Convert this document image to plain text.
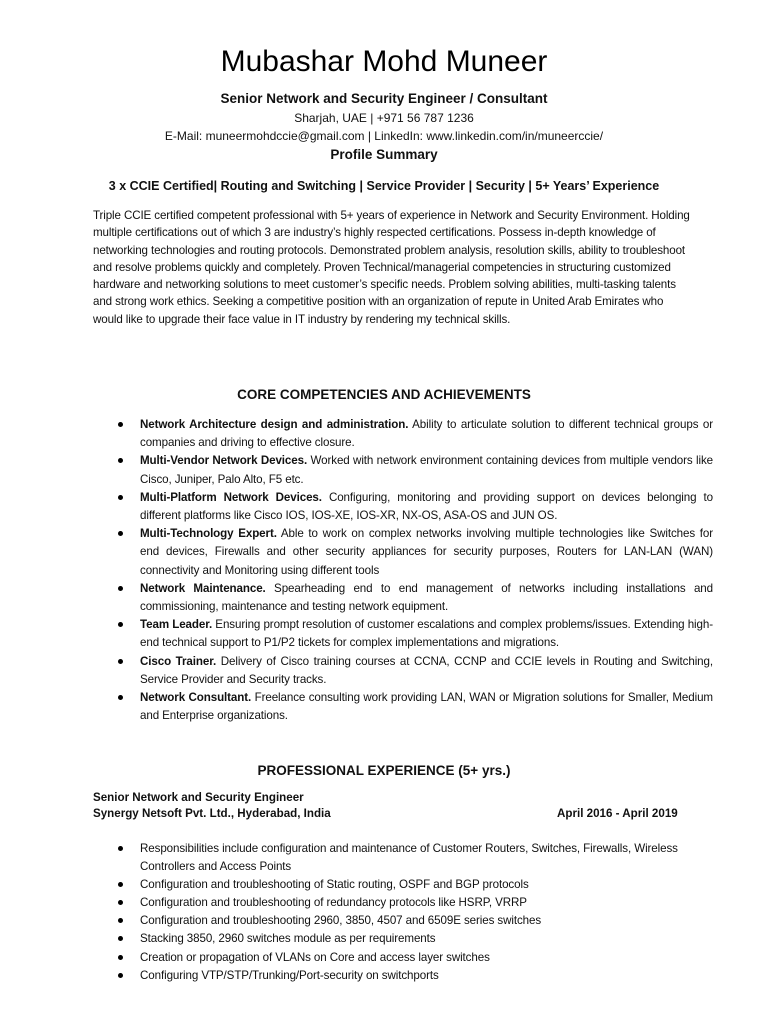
Mubashar Mohd Muneer
Senior Network and Security Engineer / Consultant
Sharjah, UAE | +971 56 787 1236
E-Mail: muneermohdccie@gmail.com | LinkedIn: www.linkedin.com/in/muneerccie/
Profile Summary
3 x CCIE Certified| Routing and Switching | Service Provider | Security | 5+ Years’ Experience

Triple CCIE certified competent professional with 5+ years of experience in Network and Security Environment. Holding multiple certifications out of which 3 are industry’s highly respected certifications. Possess in-depth knowledge of networking technologies and routing protocols. Demonstrated problem analysis, resolution skills, ability to troubleshoot and resolve problems quickly and completely. Proven Technical/managerial competencies in structuring customized hardware and networking solutions to meet customer’s specific needs. Problem solving abilities, multi-tasking talents and strong work ethics. Seeking a competitive position with an organization of repute in United Arab Emirates who would like to upgrade their face value in IT industry by rendering my technical skills.

CORE COMPETENCIES AND ACHIEVEMENTS
Network Architecture design and administration. Ability to articulate solution to different technical groups or companies and driving to effective closure.
Multi-Vendor Network Devices. Worked with network environment containing devices from multiple vendors like Cisco, Juniper, Palo Alto, F5 etc.
Multi-Platform Network Devices. Configuring, monitoring and providing support on devices belonging to different platforms like Cisco IOS, IOS-XE, IOS-XR, NX-OS, ASA-OS and JUN OS.
Multi-Technology Expert. Able to work on complex networks involving multiple technologies like Switches for end devices, Firewalls and other security appliances for security purposes, Routers for LAN-LAN (WAN) connectivity and Monitoring using different tools
Network Maintenance. Spearheading end to end management of networks including installations and commissioning, maintenance and testing network equipment.
Team Leader. Ensuring prompt resolution of customer escalations and complex problems/issues. Extending high-end technical support to P1/P2 tickets for complex implementations and migrations.
Cisco Trainer. Delivery of Cisco training courses at CCNA, CCNP and CCIE levels in Routing and Switching, Service Provider and Security tracks.
Network Consultant. Freelance consulting work providing LAN, WAN or Migration solutions for Smaller, Medium and Enterprise organizations.
PROFESSIONAL EXPERIENCE (5+ yrs.)
Senior Network and Security Engineer
Synergy Netsoft Pvt. Ltd., Hyderabad, India	April 2016 - April 2019
Responsibilities include configuration and maintenance of Customer Routers, Switches, Firewalls, Wireless Controllers and Access Points
Configuration and troubleshooting of Static routing, OSPF and BGP protocols
Configuration and troubleshooting of redundancy protocols like HSRP, VRRP
Configuration and troubleshooting 2960, 3850, 4507 and 6509E series switches
Stacking 3850, 2960 switches module as per requirements
Creation or propagation of VLANs on Core and access layer switches
Configuring VTP/STP/Trunking/Port-security on switchports
